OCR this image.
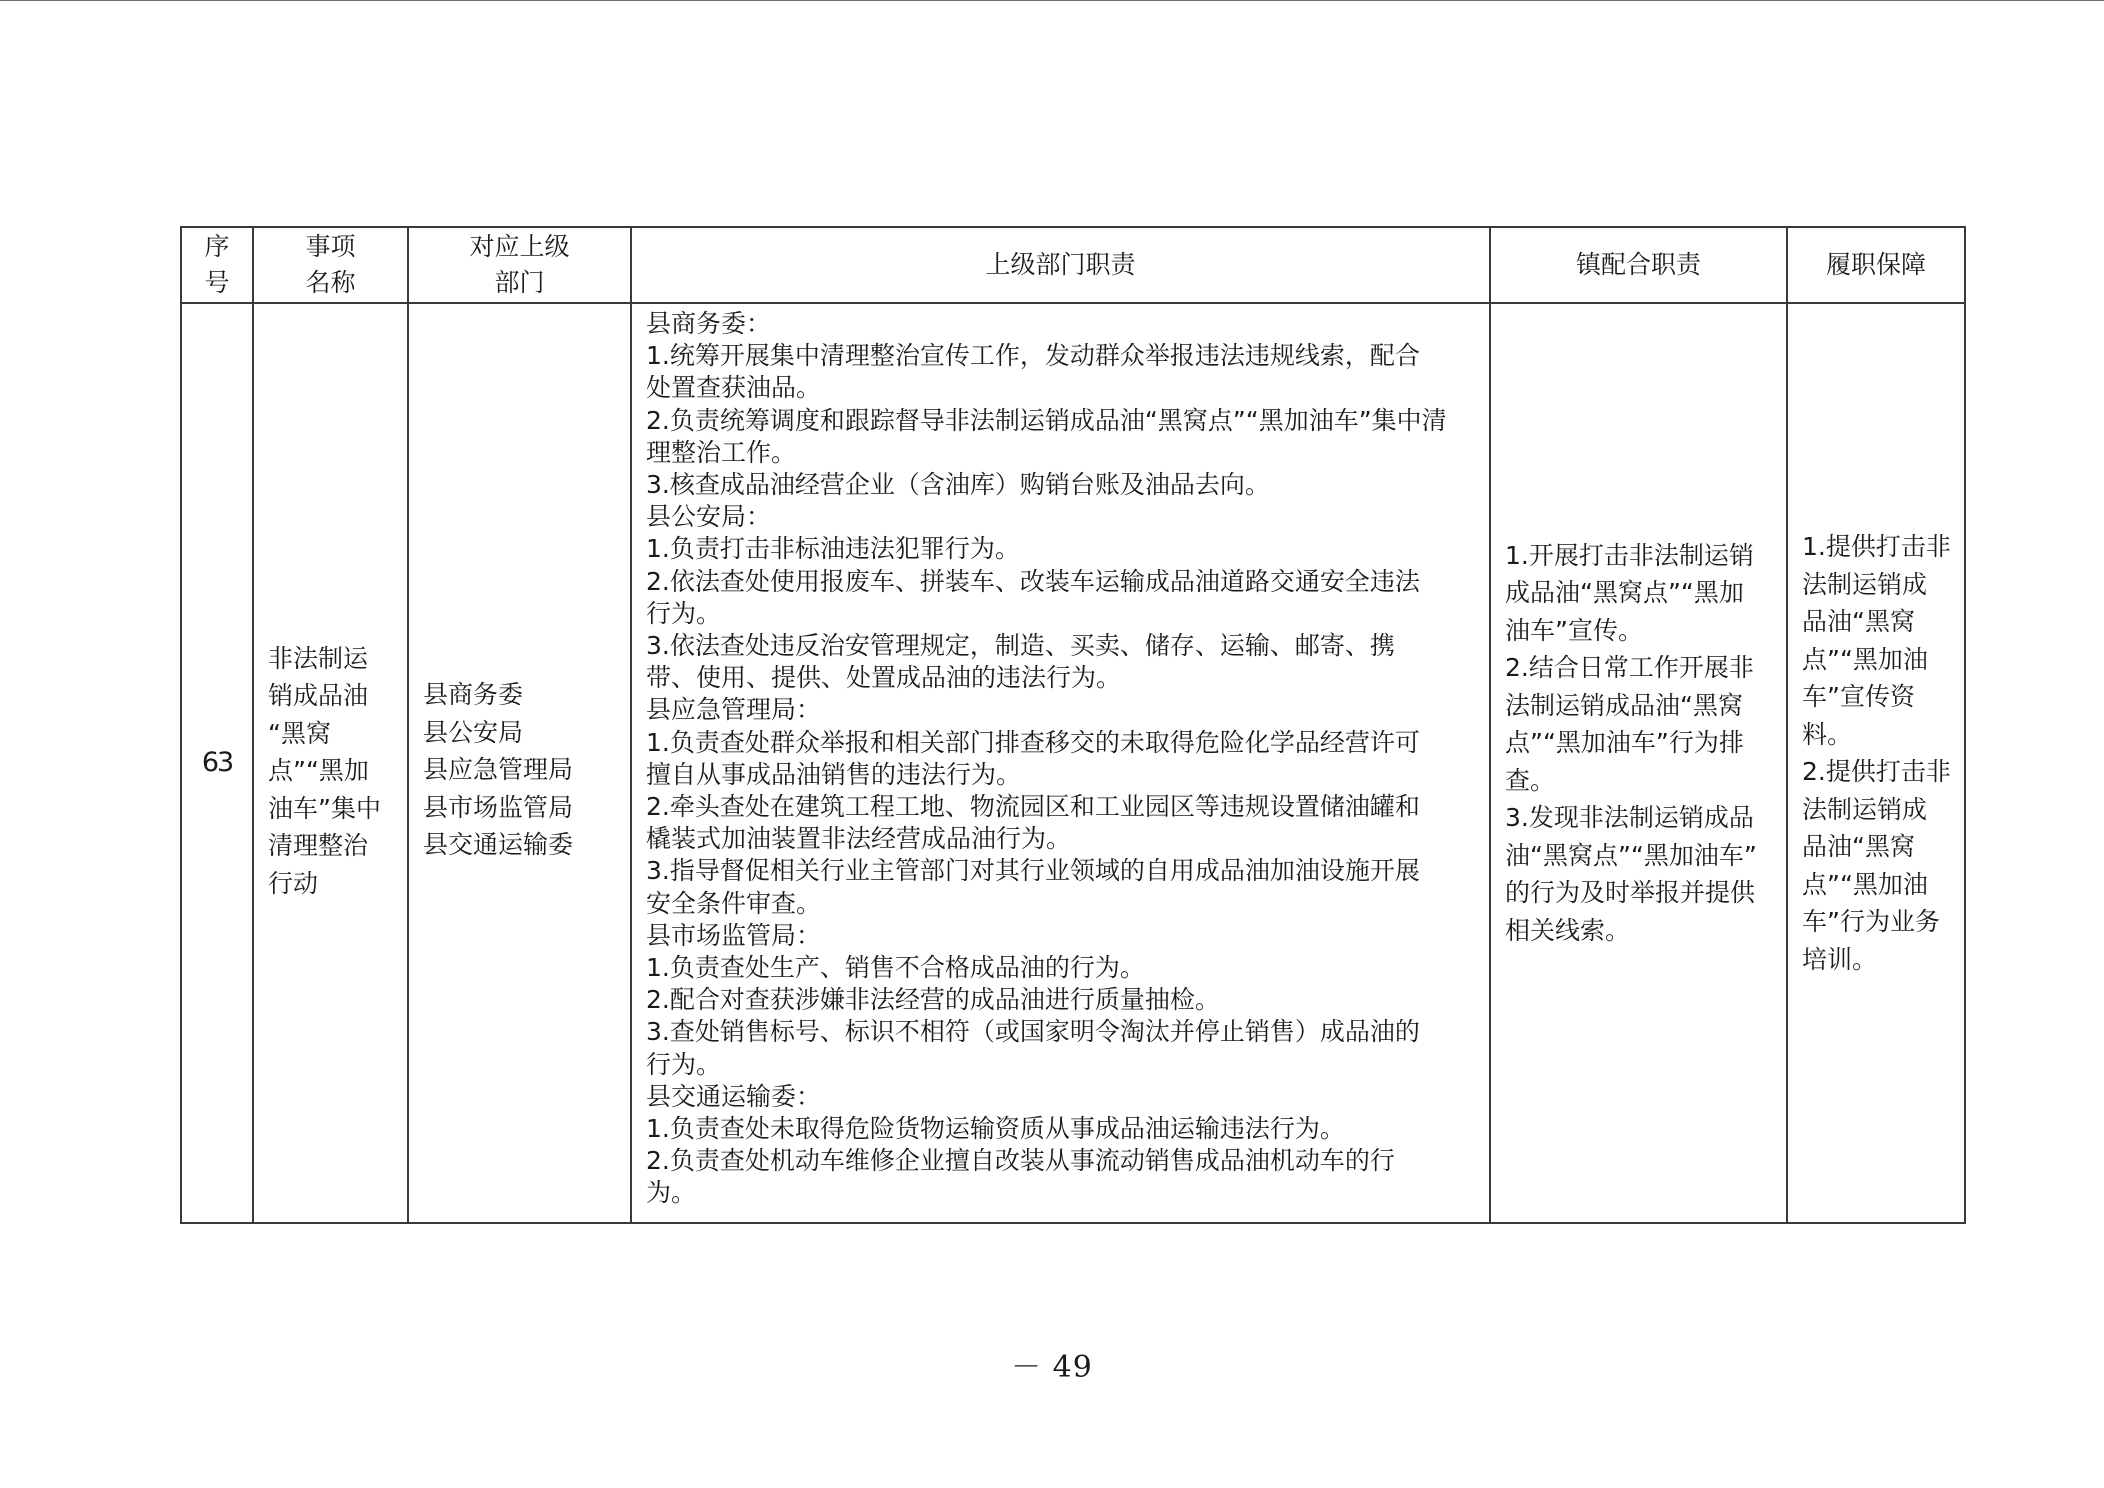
序
号
事项
名称
对应上级
部门
上级部门职责	镇配合职责	履职保障
63
非法制运
销成品油
“黑窝
点”“黑加
油车”集中
清理整治
行动
县商务委
县公安局
县应急管理局
县市场监管局
县交通运输委
县商务委：
1.统筹开展集中清理整治宣传工作，发动群众举报违法违规线索，配合
处置查获油品。
2.负责统筹调度和跟踪督导非法制运销成品油“黑窝点”“黑加油车”集中清
理整治工作。
3.核查成品油经营企业（含油库）购销台账及油品去向。
县公安局：
1.负责打击非标油违法犯罪行为。
2.依法查处使用报废车、拼装车、改装车运输成品油道路交通安全违法
行为。
3.依法查处违反治安管理规定，制造、买卖、储存、运输、邮寄、携
带、使用、提供、处置成品油的违法行为。
县应急管理局：
1.负责查处群众举报和相关部门排查移交的未取得危险化学品经营许可
擅自从事成品油销售的违法行为。
2.牵头查处在建筑工程工地、物流园区和工业园区等违规设置储油罐和
橇装式加油装置非法经营成品油行为。
3.指导督促相关行业主管部门对其行业领域的自用成品油加油设施开展
安全条件审查。
县市场监管局：
1.负责查处生产、销售不合格成品油的行为。
2.配合对查获涉嫌非法经营的成品油进行质量抽检。
3.查处销售标号、标识不相符（或国家明令淘汰并停止销售）成品油的
行为。
县交通运输委：
1.负责查处未取得危险货物运输资质从事成品油运输违法行为。
2.负责查处机动车维修企业擅自改装从事流动销售成品油机动车的行
为。
1.开展打击非法制运销
成品油“黑窝点”“黑加
油车”宣传。
2.结合日常工作开展非
法制运销成品油“黑窝
点”“黑加油车”行为排
查。
3.发现非法制运销成品
油“黑窝点”“黑加油车”
的行为及时举报并提供
相关线索。
1.提供打击非
法制运销成
品油“黑窝
点”“黑加油
车”宣传资
料。
2.提供打击非
法制运销成
品油“黑窝
点”“黑加油
车”行为业务
培训。
－ 49
